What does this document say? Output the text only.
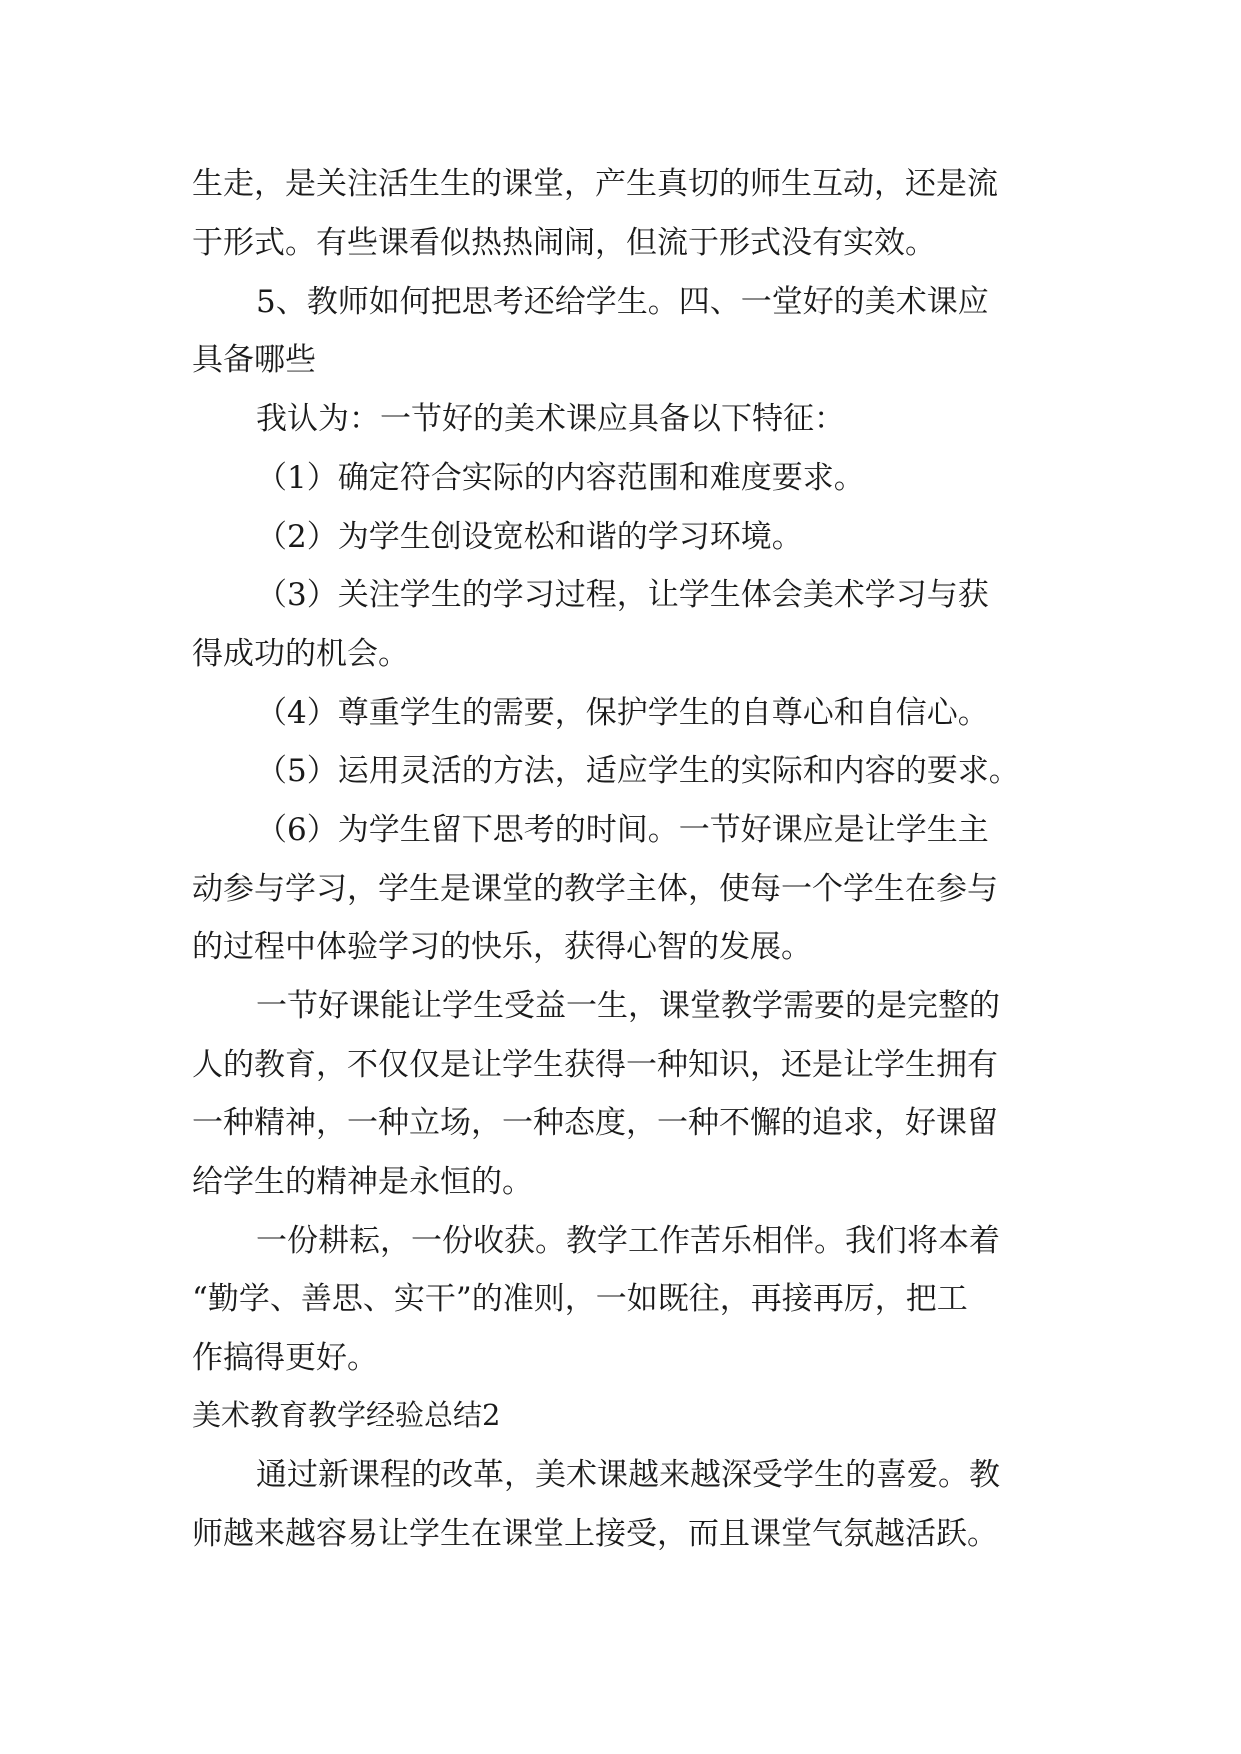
生走，是关注活生生的课堂，产生真切的师生互动，还是流

于形式。有些课看似热热闹闹，但流于形式没有实效。

5、教师如何把思考还给学生。四、一堂好的美术课应

具备哪些

我认为：一节好的美术课应具备以下特征：

（1）确定符合实际的内容范围和难度要求。

（2）为学生创设宽松和谐的学习环境。

（3）关注学生的学习过程，让学生体会美术学习与获

得成功的机会。

（4）尊重学生的需要，保护学生的自尊心和自信心。

（5）运用灵活的方法，适应学生的实际和内容的要求。

（6）为学生留下思考的时间。一节好课应是让学生主

动参与学习，学生是课堂的教学主体，使每一个学生在参与

的过程中体验学习的快乐，获得心智的发展。

一节好课能让学生受益一生，课堂教学需要的是完整的

人的教育，不仅仅是让学生获得一种知识，还是让学生拥有

一种精神，一种立场，一种态度，一种不懈的追求，好课留

给学生的精神是永恒的。

一份耕耘，一份收获。教学工作苦乐相伴。我们将本着

“勤学、善思、实干”的准则，一如既往，再接再厉，把工

作搞得更好。

美术教育教学经验总结2

通过新课程的改革，美术课越来越深受学生的喜爱。教

师越来越容易让学生在课堂上接受，而且课堂气氛越活跃。
